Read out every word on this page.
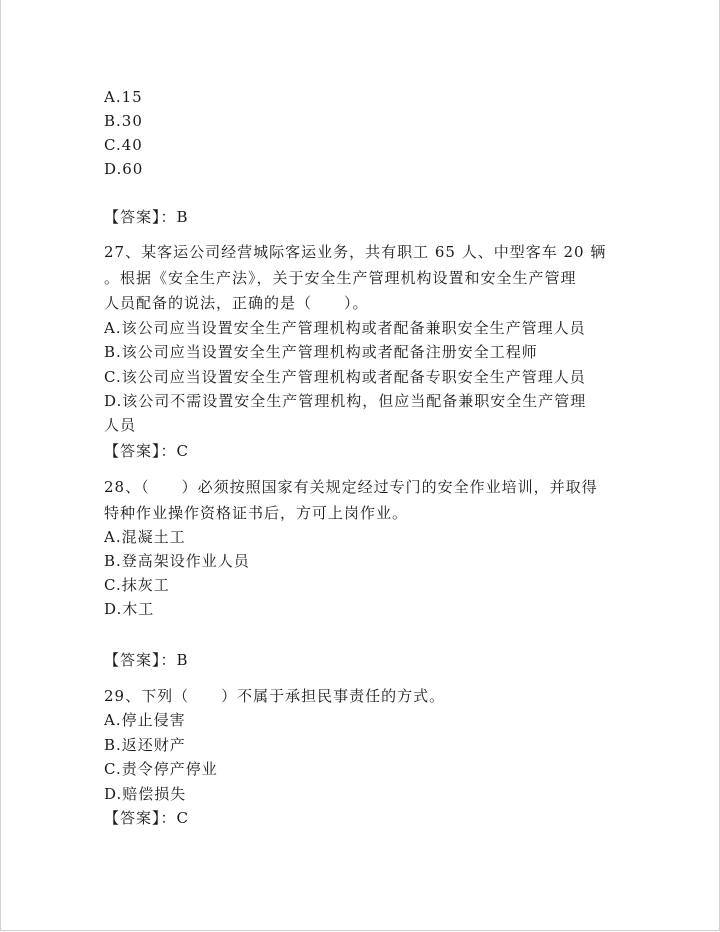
A.15
B.30
C.40
D.60
【答案】：B
27、某客运公司经营城际客运业务，共有职工 65 人、中型客车 20 辆
。根据《安全生产法》，关于安全生产管理机构设置和安全生产管理
人员配备的说法，正确的是（　　）。
A.该公司应当设置安全生产管理机构或者配备兼职安全生产管理人员
B.该公司应当设置安全生产管理机构或者配备注册安全工程师
C.该公司应当设置安全生产管理机构或者配备专职安全生产管理人员
D.该公司不需设置安全生产管理机构，但应当配备兼职安全生产管理
人员
【答案】：C
28、（　　）必须按照国家有关规定经过专门的安全作业培训，并取得
特种作业操作资格证书后，方可上岗作业。
A.混凝土工
B.登高架设作业人员
C.抹灰工
D.木工
【答案】：B
29、下列（　　）不属于承担民事责任的方式。
A.停止侵害
B.返还财产
C.责令停产停业
D.赔偿损失
【答案】：C
